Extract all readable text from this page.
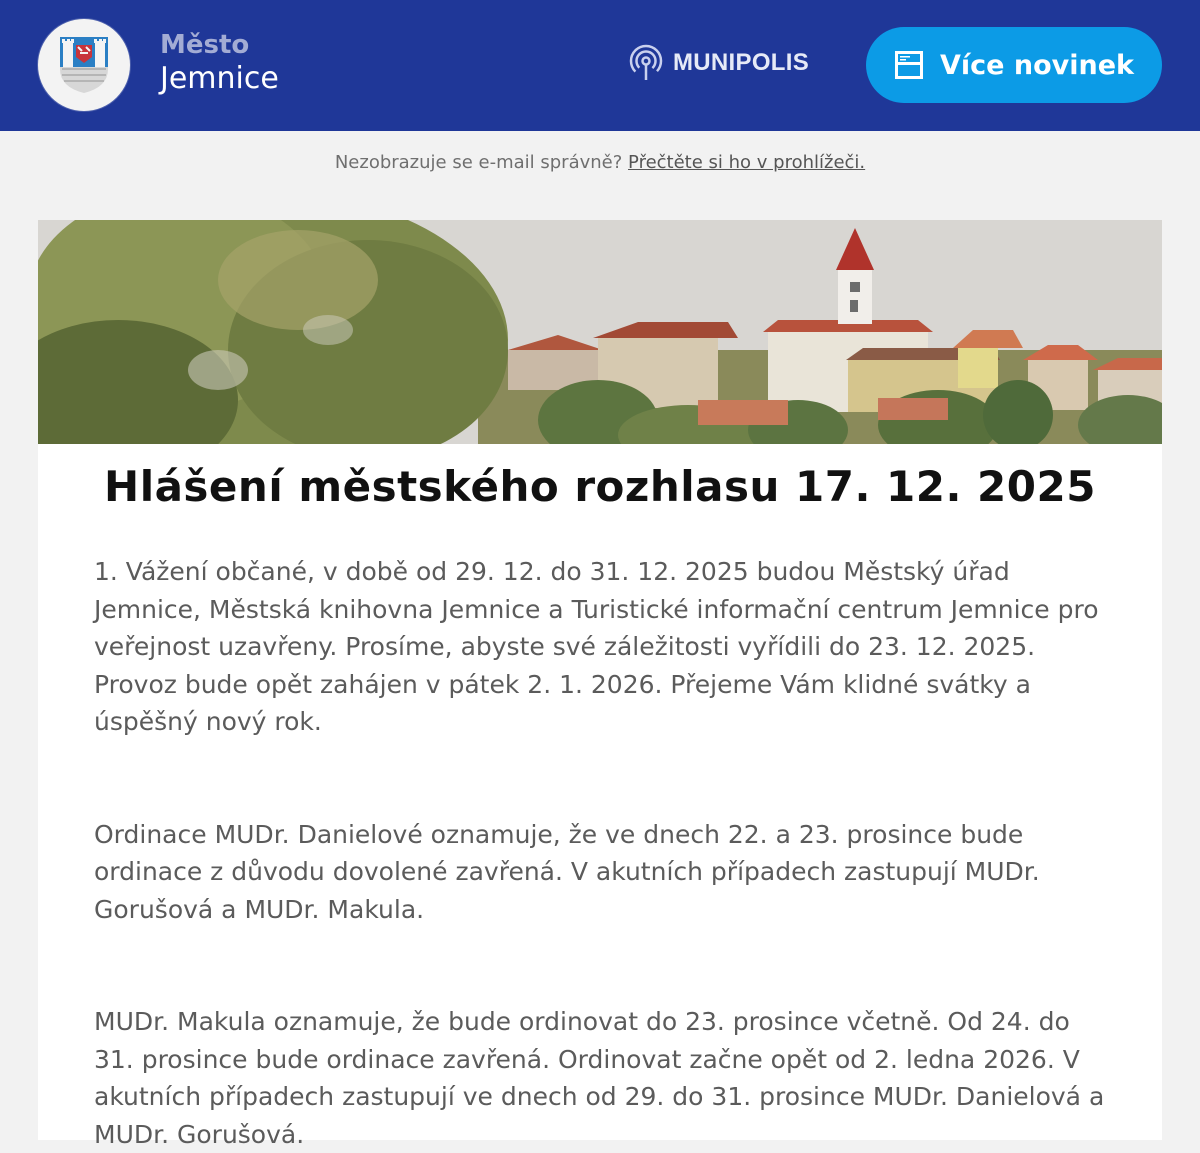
Město
Jemnice	MUNIPOLIS	Více novinek
Nezobrazuje se e-mail správně? Přečtěte si ho v prohlížeči.
Hlášení městského rozhlasu 17. 12. 2025

1. Vážení občané, v době od 29. 12. do 31. 12. 2025 budou Městský úřad Jemnice, Městská knihovna Jemnice a Turistické informační centrum Jemnice pro veřejnost uzavřeny. Prosíme, abyste své záležitosti vyřídili do 23. 12. 2025. Provoz bude opět zahájen v pátek 2. 1. 2026. Přejeme Vám klidné svátky a úspěšný nový rok.

Ordinace MUDr. Danielové oznamuje, že ve dnech 22. a 23. prosince bude ordinace z důvodu dovolené zavřená. V akutních případech zastupují MUDr. Gorušová a MUDr. Makula.

MUDr. Makula oznamuje, že bude ordinovat do 23. prosince včetně. Od 24. do 31. prosince bude ordinace zavřená. Ordinovat začne opět od 2. ledna 2026. V akutních případech zastupují ve dnech od 29. do 31. prosince MUDr. Danielová a MUDr. Gorušová.
